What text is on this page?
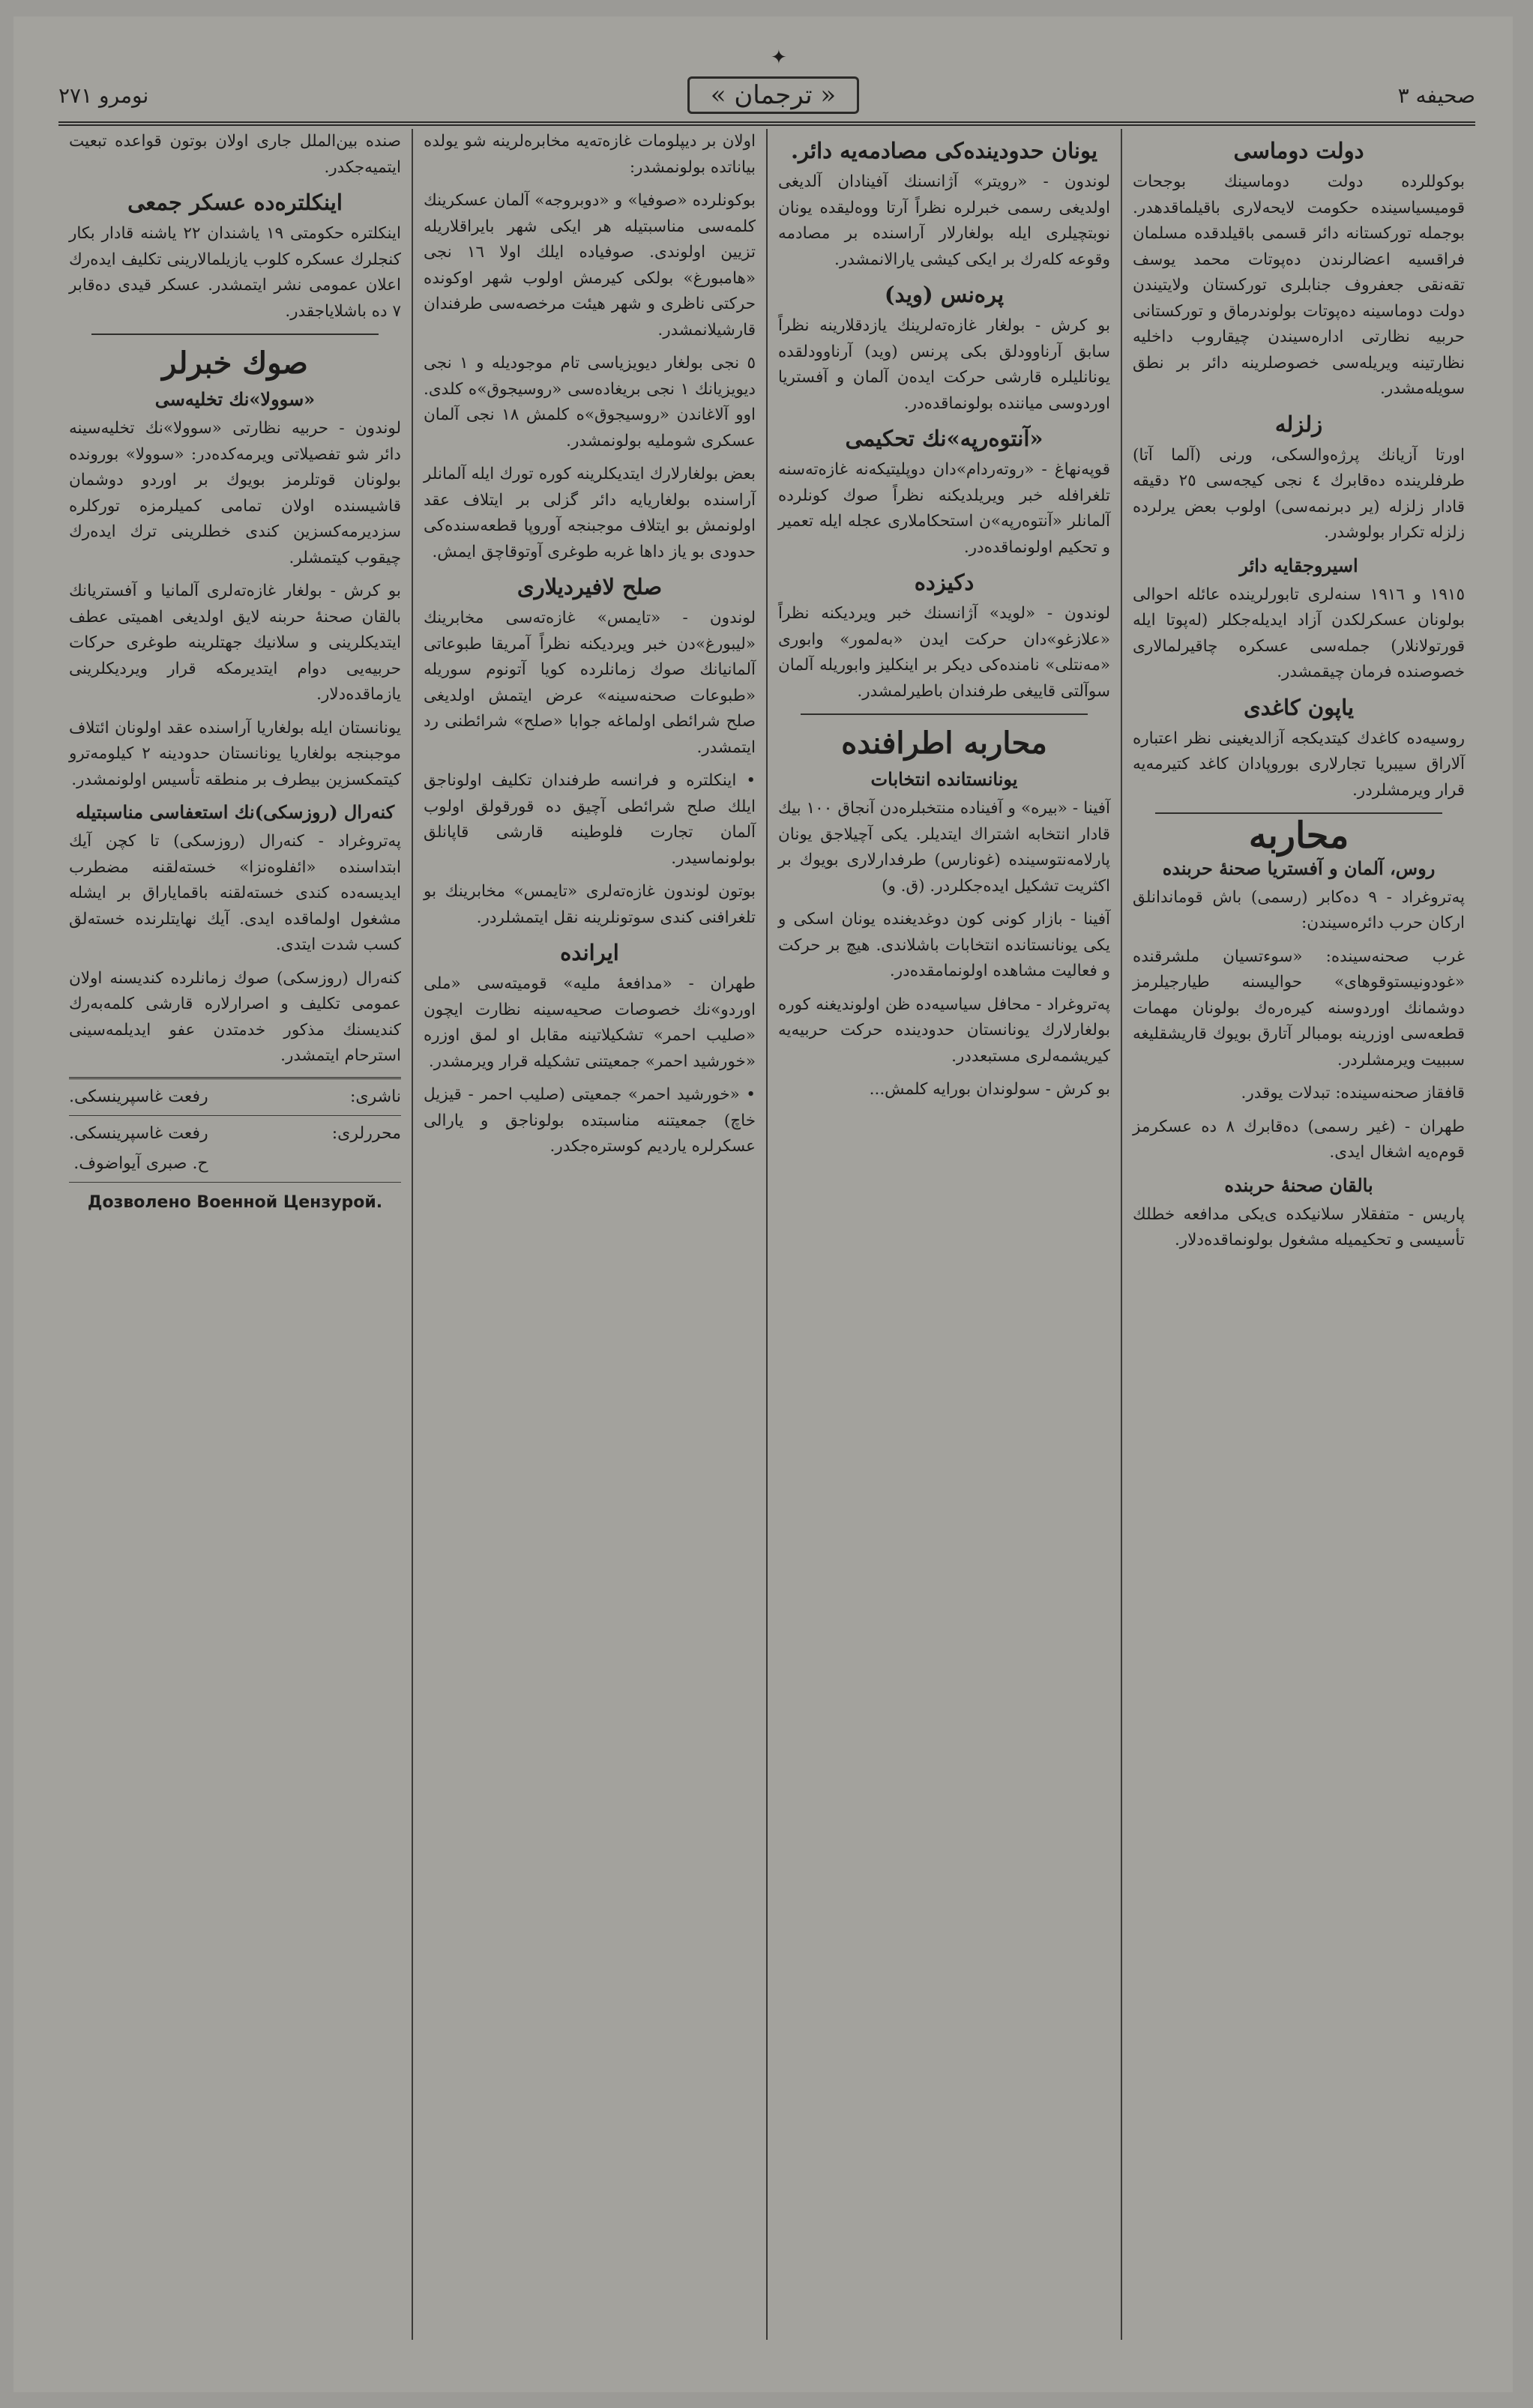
✦
صحيفه ٣
« ترجمان »
نومرو ٢٧١
دولت دوماسی

بوكوللرده دولت دوماسینك بوجحات قومیسیاسینده حكومت لایحەلاری باقیلماقدهدر. بوجمله تورکستانه دائر قسمی باقیلدقده مسلمان فراقسیه اعضالرندن دەپوتات محمد یوسف تقه‌نقی جعفروف جنابلری تورکستان ولایتیندن دولت دوماسینه دەپوتات بولوندرماق و تورکستانی حربیه نظارتی ادارەسیندن چیقاروب داخلیه نظارتینه ویریلەسی خصوصلرینه دائر بر نطق سویلەمشدر.

زلزله

اورتا آزیانك پرژەوالسکی، ورنی (آلما آتا) طرفلرینده ده‌قابرك ٤ نجی کیجەسی ٢٥ دقیقه قادار زلزله (یر دبرنمەسی) اولوب بعض یرلرده زلزله تکرار بولوشدر.

اسیروجقایه دائر

١٩١٥ و ١٩١٦ سنه‌لری تابورلرینده عائله احوالی بولونان عسکرلكدن آزاد ایدیله‌جکلر (لەپوتا ایله قورتولانلار) جمله‌سی عسکره چاقیرلمالاری خصوصنده فرمان چیقمشدر.

یاپون کاغدی

روسیه‌ده کاغدك کیتدیکجه آزالدیغینی نظر اعتباره آلاراق سیبریا تجارلاری بوروپادان کاغد کتیرمەیه قرار ویرمشلردر.

محاربه
روس، آلمان و آفستریا صحنهٔ حربنده

پەتروغراد - ٩ دەکابر (رسمی) باش قوماندانلق ارکان حرب دائرەسیندن:

غرب صحنه‌سینده: «سوءتسیان ملشرقنده «غودونیستوقوهای» حوالیسنه طیارجیلرمز دوشمانك اوردوسنه کیرەرەك بولونان مهمات قطعه‌سی اوزرینه بومبالر آتارق بویوك قاریشقلیغه سببیت ویرمشلردر.

قافقاز صحنه‌سینده: تبدلات یوقدر.

طهران - (غیر رسمی) ده‌قابرك ٨ ده عسکرمز قوم‌ەیه اشغال ایدی.

بالقان صحنهٔ حربنده

پاریس - متفقلار سلانیکده ی‌یکی مدافعه خطلك تأسیسی و تحکیمیله مشغول بولونماقده‌دلار.

یونان حدودینده‌کی مصادمه‌یه دائر.

لوندون - «رویتر» آژانسنك آفینادان آلدیغی اولدیغی رسمی خبرلره نظراً آرتا ووەلیقده یونان نوبتچیلری ایله بولغارلار آراسنده بر مصادمه وقوعه کلەرك بر ایکی کیشی یارالانمشدر.

پرەنس (وید)

بو کرش - بولغار غازەته‌لرینك یازدقلارینه نظراً سابق آرناوودلق بکی پرنس (وید) آرناوودلقده یونانلیلره قارشی حرکت ایدەن آلمان و آفستریا اوردوسی میاننده بولونماقده‌در.

«آنتوەرپه»نك تحکیمی

قوپەنهاغ - «روتەردام»دان دوپلیتیکەنه غازەته‌سنه تلغرافله خبر ویریلدیکنه نظراً صوك کونلرده آلمانلر «آنتوەرپه»ن استحکاملاری عجله ایله تعمیر و تحکیم اولونماقده‌در.

دکیزده

لوندون - «لوید» آژانسنك خبر ویردیکنه نظراً «علازغو»دان حرکت ایدن «بەلمور» وابوری «مەنتلی» نامنده‌کی دیکر بر اینکلیز وابوریله آلمان سوآلتی قاییغی طرفندان باطیرلمشدر.

محاربه اطرافنده
یونانستانده انتخابات

آفینا - «بیره» و آفینادە منتخبلرەدن آنجاق ١٠٠ بیك قادار انتخابه اشتراك ایتدیلر. یکی آچیلاجق یونان پارلامەنتوسینده (غونارس) طرفدارلاری بویوك بر اکثریت تشکیل ایدەجکلردر. (ق. و)

آفینا - بازار کونی کون دوغدیغنده یونان اسکی و یکی یونانستانده انتخابات باشلاندی. هیچ بر حرکت و فعالیت مشاهده اولونمامقده‌در.

پەتروغراد - محافل سیاسیه‌ده ظن اولوندیغنه کوره بولغارلارك یونانستان حدودینده حرکت حربیه‌یه کیریشمەلری مستبعددر.

بو کرش - سولوندان بورایه کلمش...

اولان بر دیپلومات غازەته‌یه مخابره‌لرینه شو یولده بیاناتده بولونمشدر:

بوکونلرده «صوفیا» و «دوبروجه» آلمان عسکرینك کلمەسی مناسبتیله هر ایکی شهر بایراقلاریله تزیین اولوندی. صوفیاده ایلك اولا ١٦ نجی «هامبورغ» بولکی کیرمش اولوب شهر اوکونده حرکتی ناظری و شهر هیئت مرخصه‌سی طرفندان قارشیلانمشدر.

٥ نجی بولغار دیویزیاسی تام موجودیله و ١ نجی دیویزیانك ١ نجی بریغاده‌سی «روسیجوق»ه کلدی. اوو آلاغاندن «روسیجوق»ه کلمش ١٨ نجی آلمان عسکری شوملیه بولونمشدر.

بعض بولغارلارك ایتدیکلرینه کوره تورك ایله آلمانلر آراسنده بولغاریایه دائر گزلی بر ایتلاف عقد اولونمش بو ایتلاف موجبنجه آوروپا قطعه‌سنده‌كی حدودی بو یاز داها غربه طوغری آوتوقاچق ایمش.

صلح لافیردیلاری

لوندون - «تایمس» غازەته‌سی مخابرینك «لیبورغ»دن خبر ویردیکنه نظراً آمریقا طبوعاتی آلمانیانك صوك زمانلرده کویا آتونوم سوریله «طبوعات صحنه‌سینه» عرض ایتمش اولدیغی صلح شرائطی اولماغه جوابا «صلح» شرائطنی رد ایتمشدر.

• اینکلتره و فرانسه طرفندان تکلیف اولوناجق ایلك صلح شرائطی آچیق ده قورقولق اولوب آلمان تجارت فلوطینه قارشی قاپانلق بولونماسیدر.

بوتون لوندون غازەته‌لری «تایمس» مخابرینك بو تلغرافنی کندی سوتونلرینه نقل ایتمشلردر.

ایرانده

طهران - «مدافعهٔ ملیه» قومیته‌سی «ملی اوردو»نك خصوصات صحیه‌سینه نظارت ایچون «صلیب احمر» تشکیلاتینه مقابل او لمق اوزره «خورشید احمر» جمعیتنی تشکیله قرار ویرمشدر.

• «خورشید احمر» جمعیتی (صلیب احمر - قیزیل خاچ) جمعیتنه مناسبتده بولوناجق و یارالی عسکرلره یاردیم کوسترەجکدر.

صنده بین‌الملل جاری اولان بوتون قواعده تبعیت ایتمیه‌جکدر.

اینکلتره‌ده عسکر جمعی

اینکلتره حکومتی ١٩ یاشندان ٢٢ یاشنه قادار بکار کنجلرك عسکره کلوب یازیلمالارینی تکلیف ایدەرك اعلان عمومی نشر ایتمشدر. عسکر قیدی ده‌قابر ٧ ده باشلایاجقدر.

صوك خبرلر
«سوولا»نك تخلیه‌سی

لوندون - حربیه نظارتی «سوولا»نك تخلیه‌سینه دائر شو تفصیلاتی ویرمه‌کده‌در: «سوولا» بورونده بولونان قوتلرمز بویوك بر اوردو دوشمان قاشیسنده اولان تمامی کمیلرمزه تورکلره سزدیرمه‌کسزین کندی خطلرینی ترك ایدەرك چیقوب کیتمشلر.

بو کرش - بولغار غازەته‌لری آلمانیا و آفستریانك بالقان صحنهٔ حربنه لایق اولدیغی اهمیتی عطف ایتدیکلرینی و سلانیك جهتلرینه طوغری حرکات حربیه‌یی دوام ایتدیرمکه قرار ویردیکلرینی یازماقده‌دلار.

یونانستان ایله بولغاریا آراسنده عقد اولونان ائتلاف موجبنجه بولغاریا یونانستان حدودینه ٢ کیلومەترو کیتمکسزین بیطرف بر منطقه تأسیس اولونمشدر.

کنه‌رال (روزسکی)نك استعفاسی مناسبتیله

پەتروغراد - کنه‌رال (روزسکی) تا کچن آیك ابتداسنده «ائفلوەنزا» خسته‌لقنه مضطرب ایدیسه‌ده کندی خسته‌لقنه باقمایاراق بر ایشله مشغول اولماقده ایدی. آیك نهایتلرنده خسته‌لق کسب شدت ایتدی.

کنه‌رال (روزسکی) صوك زمانلرده کندیسنه اولان عمومی تکلیف و اصرارلاره قارشی کلمه‌بەرك کندیسنك مذکور خدمتدن عفو ایدیلمەسینی استرحام ایتمشدر.

ناشری:
رفعت غاسپرینسکی.
محررلری:
رفعت غاسپرینسکی.
ح. صبری آیواضوف.
Дозволено Военной Цензурой.
